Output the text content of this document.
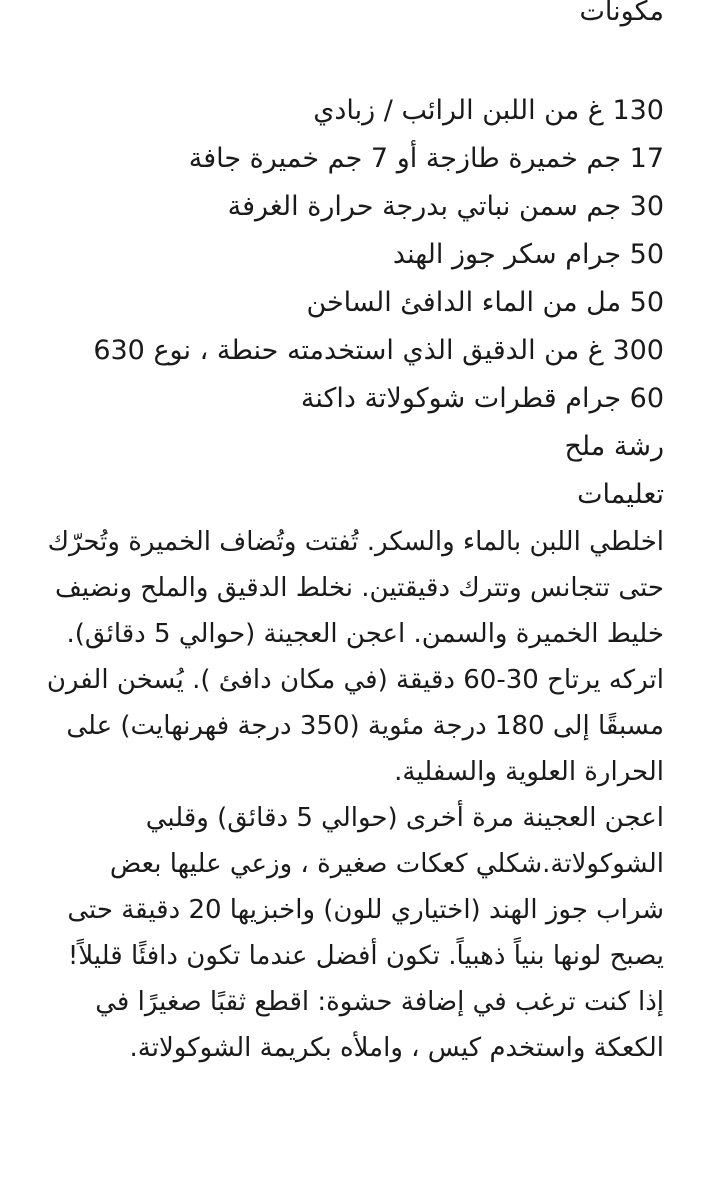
مكونات
130 غ من اللبن الرائب / زبادي
17 جم خميرة طازجة أو 7 جم خميرة جافة
30 جم سمن نباتي بدرجة حرارة الغرفة
50 جرام سكر جوز الهند
50 مل من الماء الدافئ الساخن
300 غ من الدقيق الذي استخدمته حنطة ، نوع 630
60 جرام قطرات شوكولاتة داكنة
رشة ملح
تعليمات

اخلطي اللبن بالماء والسكر. تُفتت وتُضاف الخميرة وتُحرّك حتى تتجانس وتترك دقيقتين. نخلط الدقيق والملح ونضيف خليط الخميرة والسمن. اعجن العجينة (حوالي 5 دقائق). اتركه يرتاح 30-60 دقيقة (في مكان دافئ ). يُسخن الفرن مسبقًا إلى 180 درجة مئوية (350 درجة فهرنهايت) على الحرارة العلوية والسفلية.

اعجن العجينة مرة أخرى (حوالي 5 دقائق) وقلبي الشوكولاتة.شكلي كعكات صغيرة ، وزعي عليها بعض شراب جوز الهند (اختياري للون) واخبزيها 20 دقيقة حتى يصبح لونها بنياً ذهبياً. تكون أفضل عندما تكون دافئًا قليلاً!

إذا كنت ترغب في إضافة حشوة: اقطع ثقبًا صغيرًا في الكعكة واستخدم كيس ، واملأه بكريمة الشوكولاتة.
